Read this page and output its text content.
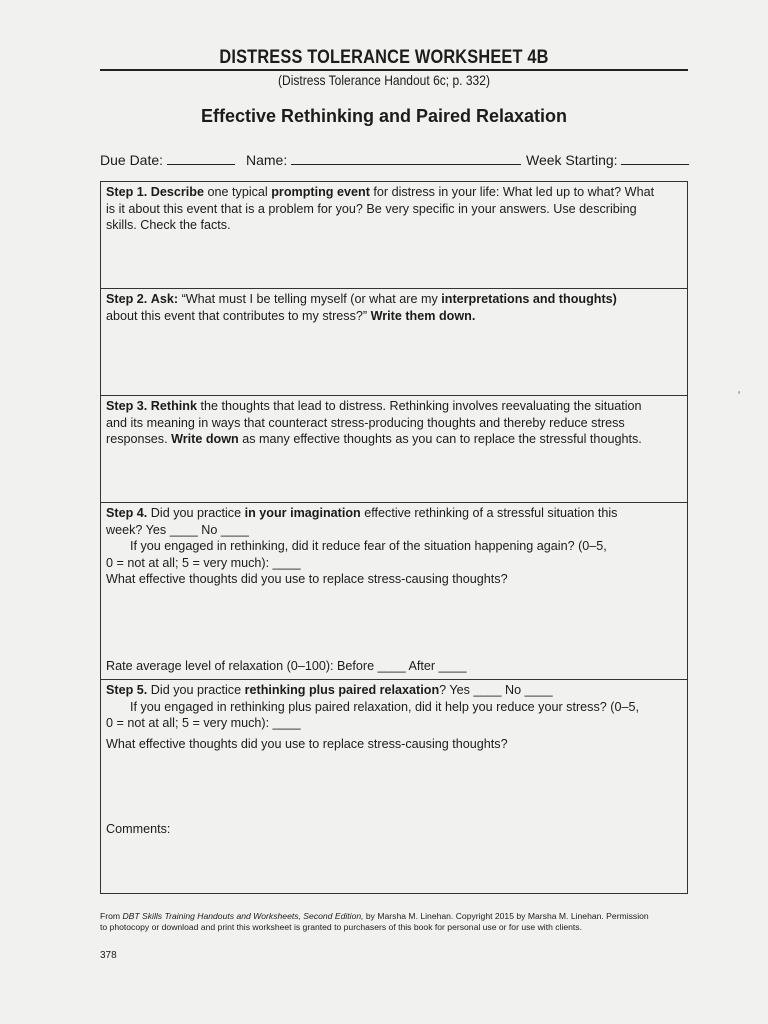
DISTRESS TOLERANCE WORKSHEET 4B
(Distress Tolerance Handout 6c; p. 332)
Effective Rethinking and Paired Relaxation
Due Date:	Name:	Week Starting:
Step 1. Describe one typical prompting event for distress in your life: What led up to what? What
is it about this event that is a problem for you? Be very specific in your answers. Use describing
skills. Check the facts.
Step 2. Ask: “What must I be telling myself (or what are my interpretations and thoughts)
about this event that contributes to my stress?” Write them down.
Step 3. Rethink the thoughts that lead to distress. Rethinking involves reevaluating the situation
and its meaning in ways that counteract stress-producing thoughts and thereby reduce stress
responses. Write down as many effective thoughts as you can to replace the stressful thoughts.
Step 4. Did you practice in your imagination effective rethinking of a stressful situation this
week? Yes ____ No ____
If you engaged in rethinking, did it reduce fear of the situation happening again? (0–5,
0 = not at all; 5 = very much): ____
What effective thoughts did you use to replace stress-causing thoughts?
Rate average level of relaxation (0–100): Before ____ After ____
Step 5. Did you practice rethinking plus paired relaxation? Yes ____ No ____
If you engaged in rethinking plus paired relaxation, did it help you reduce your stress? (0–5,
0 = not at all; 5 = very much): ____
What effective thoughts did you use to replace stress-causing thoughts?
Comments:
From DBT Skills Training Handouts and Worksheets, Second Edition, by Marsha M. Linehan. Copyright 2015 by Marsha M. Linehan. Permission
to photocopy or download and print this worksheet is granted to purchasers of this book for personal use or for use with clients.
378
‘
